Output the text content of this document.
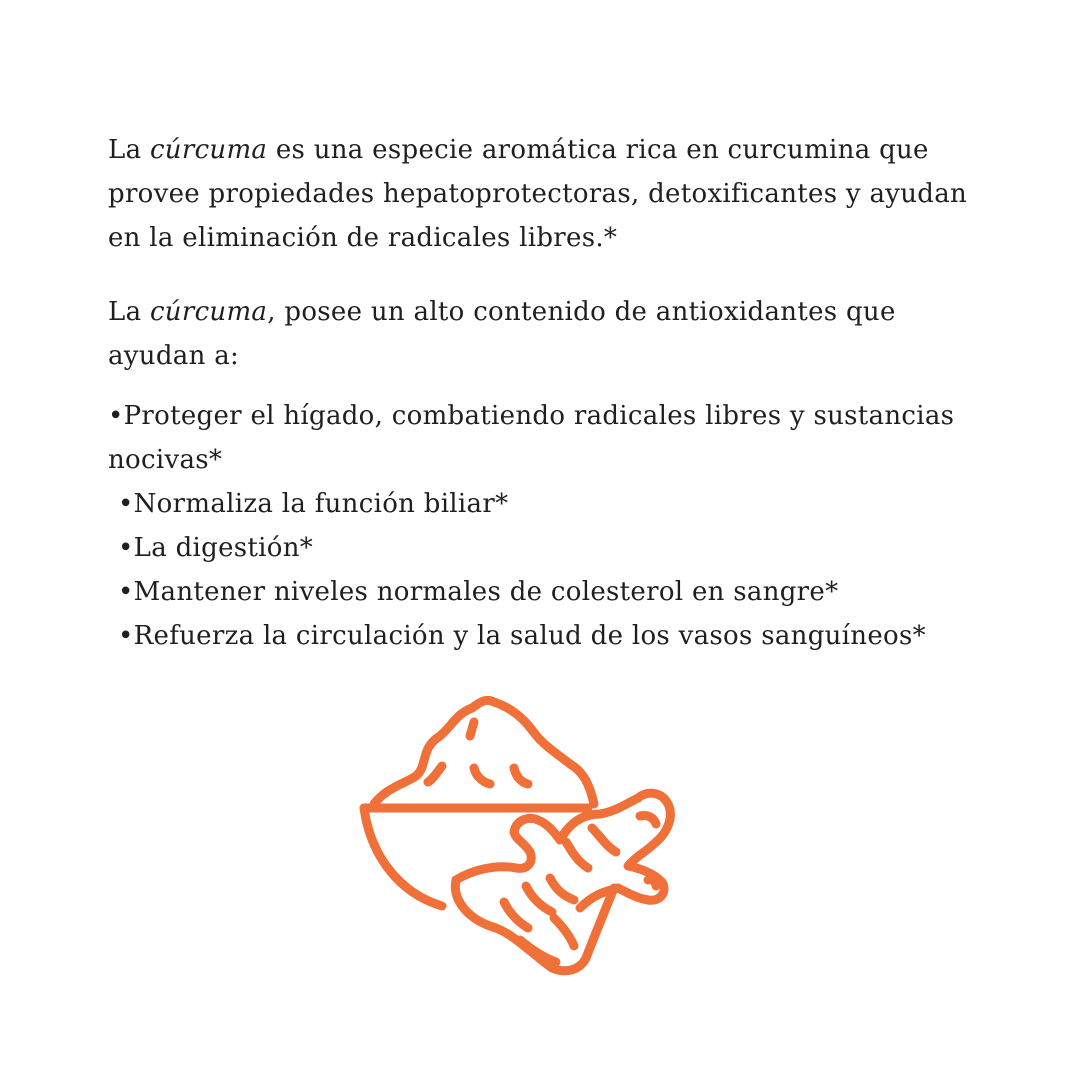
La cúrcuma es una especie aromática rica en curcumina que provee propiedades hepatoprotectoras, detoxificantes y ayudan en la eliminación de radicales libres.*

La cúrcuma, posee un alto contenido de antioxidantes que ayudan a:

•Proteger el hígado, combatiendo radicales libres y sustancias nocivas*

•Normaliza la función biliar*

•La digestión*

•Mantener niveles normales de colesterol en sangre*

•Refuerza la circulación y la salud de los vasos sanguíneos*
